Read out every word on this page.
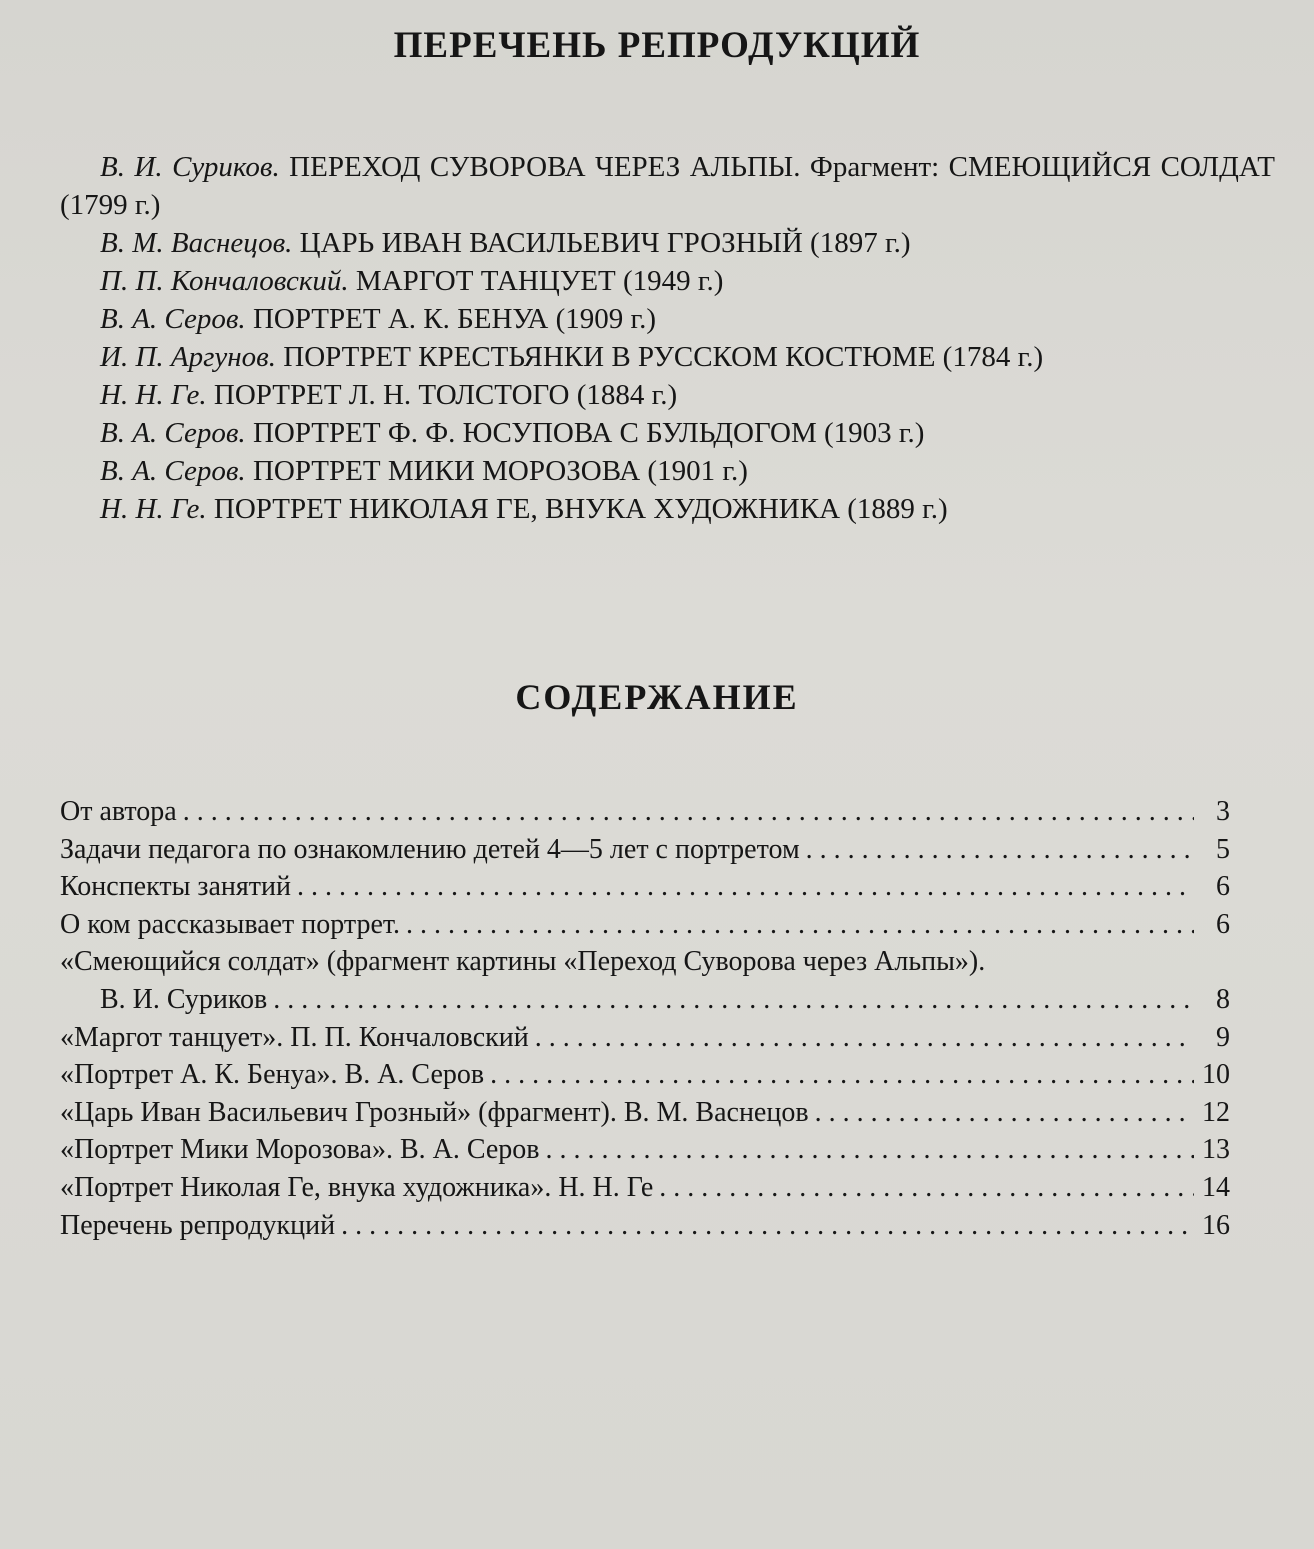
ПЕРЕЧЕНЬ РЕПРОДУКЦИЙ

В. И. Суриков. ПЕРЕХОД СУВОРОВА ЧЕРЕЗ АЛЬПЫ. Фрагмент: СМЕЮЩИЙСЯ СОЛДАТ (1799 г.)

В. М. Васнецов. ЦАРЬ ИВАН ВАСИЛЬЕВИЧ ГРОЗНЫЙ (1897 г.)

П. П. Кончаловский. МАРГОТ ТАНЦУЕТ (1949 г.)

В. А. Серов. ПОРТРЕТ А. К. БЕНУА (1909 г.)

И. П. Аргунов. ПОРТРЕТ КРЕСТЬЯНКИ В РУССКОМ КОСТЮМЕ (1784 г.)

Н. Н. Ге. ПОРТРЕТ Л. Н. ТОЛСТОГО (1884 г.)

В. А. Серов. ПОРТРЕТ Ф. Ф. ЮСУПОВА С БУЛЬДОГОМ (1903 г.)

В. А. Серов. ПОРТРЕТ МИКИ МОРОЗОВА (1901 г.)

Н. Н. Ге. ПОРТРЕТ НИКОЛАЯ ГЕ, ВНУКА ХУДОЖНИКА (1889 г.)

СОДЕРЖАНИЕ
От автора . . .	3
Задачи педагога по ознакомлению детей 4—5 лет с портретом . . .	5
Конспекты занятий . . .	6
О ком рассказывает портрет. . . .	6
«Смеющийся солдат» (фрагмент картины «Переход Суворова через Альпы»).
В. И. Суриков . . .	8
«Маргот танцует». П. П. Кончаловский . . .	9
«Портрет А. К. Бенуа». В. А. Серов . . .	10
«Царь Иван Васильевич Грозный» (фрагмент). В. М. Васнецов . . .	12
«Портрет Мики Морозова». В. А. Серов . . .	13
«Портрет Николая Ге, внука художника». Н. Н. Ге . . .	14
Перечень репродукций . . .	16
